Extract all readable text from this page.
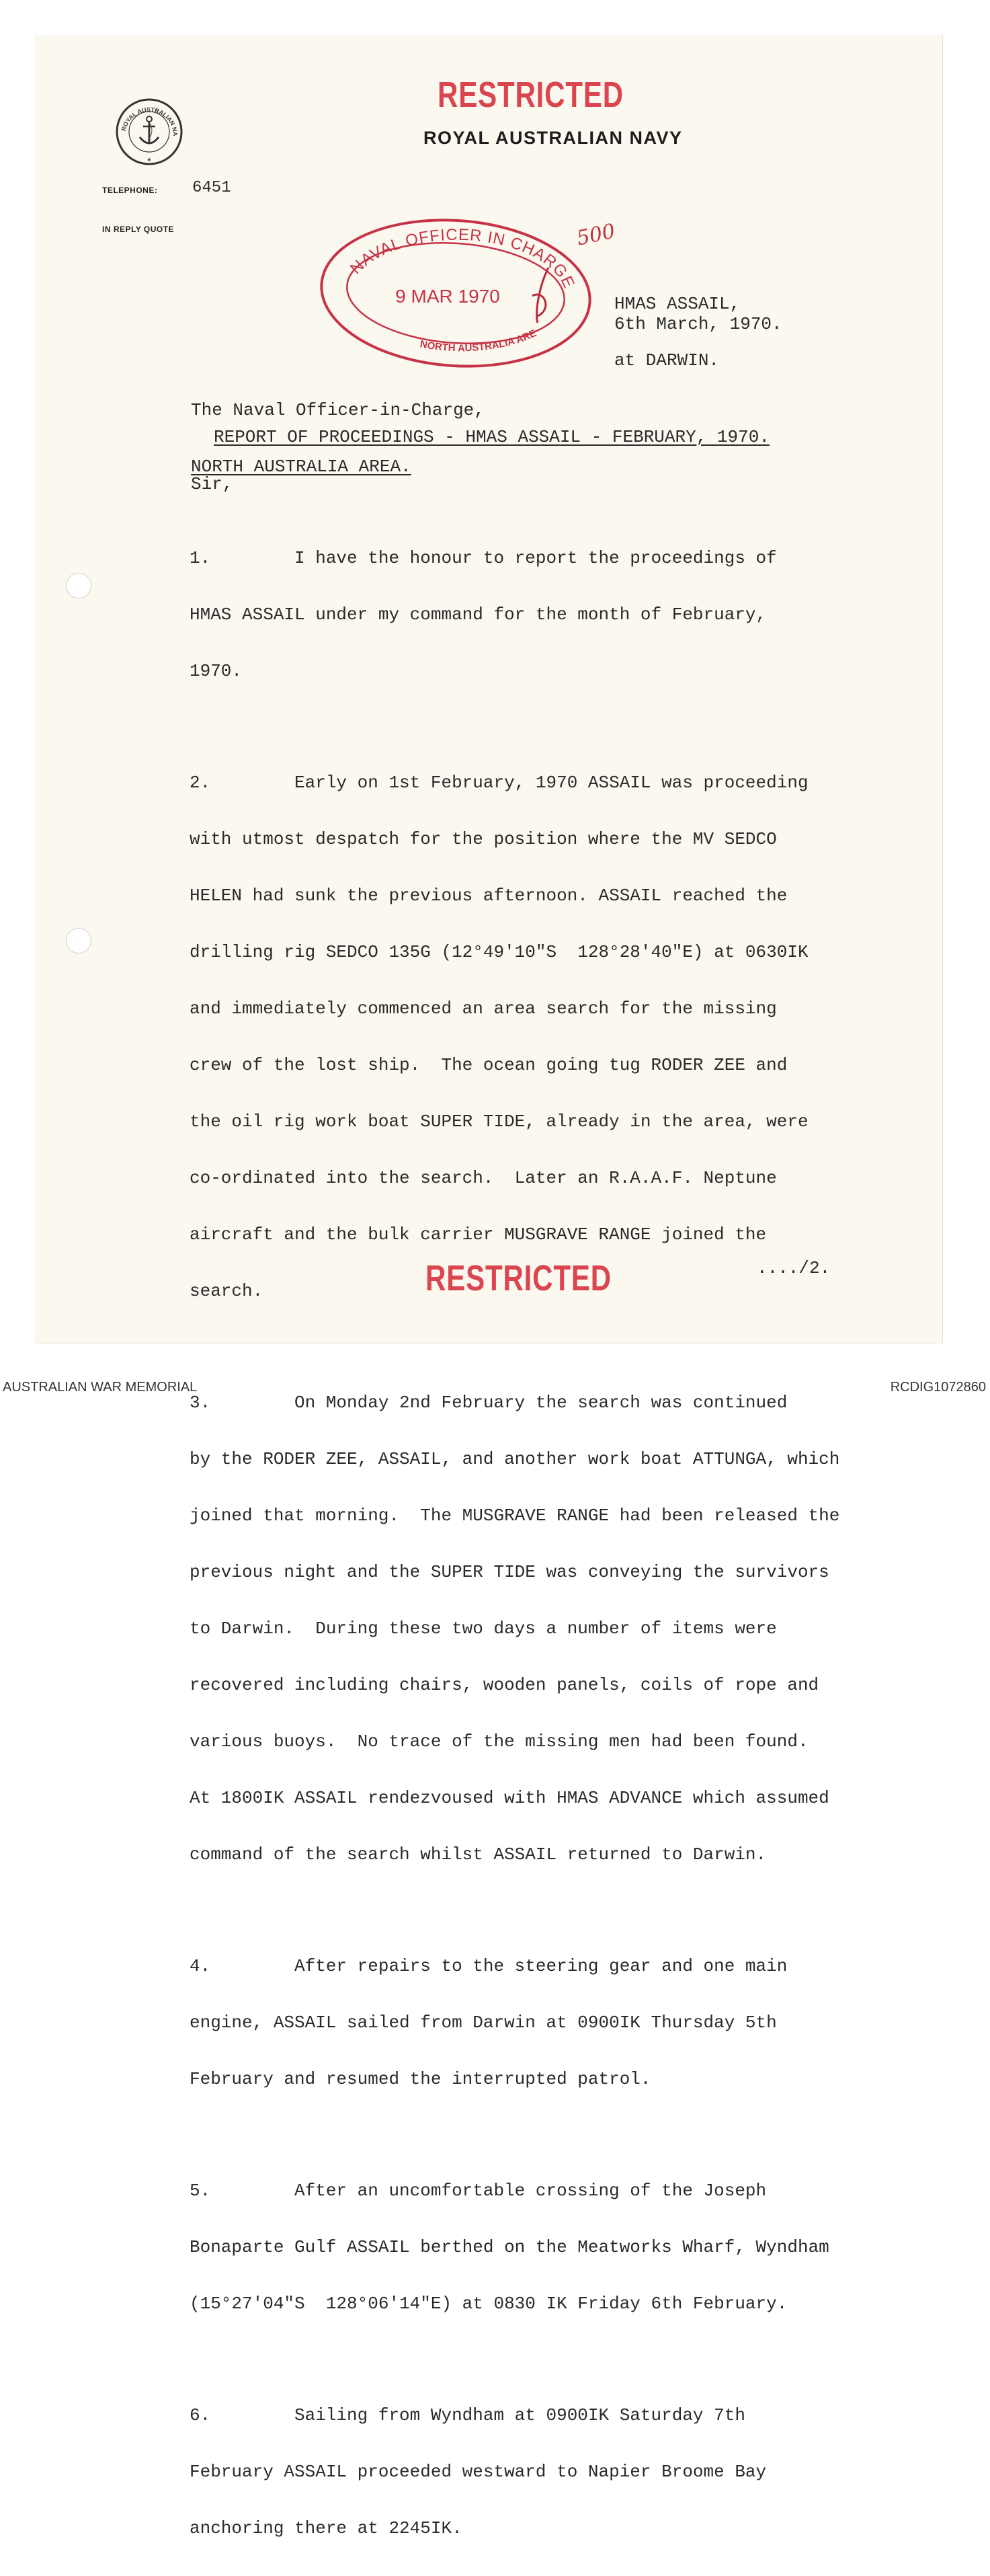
RESTRICTED
ROYAL AUSTRALIAN NA
★
ROYAL AUSTRALIAN NAVY
TELEPHONE: 6451
IN REPLY QUOTE	500
NAVAL OFFICER IN CHARGE
NORTH AUSTRALIA ARE
9 MAR 1970

	HMAS ASSAIL,

at DARWIN.

6th March, 1970.

The Naval Officer-in-Charge,

NORTH AUSTRALIA AREA.

REPORT OF PROCEEDINGS - HMAS ASSAIL - FEBRUARY, 1970.
Sir,

1.        I have the honour to report the proceedings of

HMAS ASSAIL under my command for the month of February,

1970.

2.        Early on 1st February, 1970 ASSAIL was proceeding

with utmost despatch for the position where the MV SEDCO

HELEN had sunk the previous afternoon. ASSAIL reached the

drilling rig SEDCO 135G (12°49'10"S  128°28'40"E) at 0630IK

and immediately commenced an area search for the missing

crew of the lost ship.  The ocean going tug RODER ZEE and

the oil rig work boat SUPER TIDE, already in the area, were

co-ordinated into the search.  Later an R.A.A.F. Neptune

aircraft and the bulk carrier MUSGRAVE RANGE joined the

search.

3.        On Monday 2nd February the search was continued

by the RODER ZEE, ASSAIL, and another work boat ATTUNGA, which

joined that morning.  The MUSGRAVE RANGE had been released the

previous night and the SUPER TIDE was conveying the survivors

to Darwin.  During these two days a number of items were

recovered including chairs, wooden panels, coils of rope and

various buoys.  No trace of the missing men had been found.

At 1800IK ASSAIL rendezvoused with HMAS ADVANCE which assumed

command of the search whilst ASSAIL returned to Darwin.

4.        After repairs to the steering gear and one main

engine, ASSAIL sailed from Darwin at 0900IK Thursday 5th

February and resumed the interrupted patrol.

5.        After an uncomfortable crossing of the Joseph

Bonaparte Gulf ASSAIL berthed on the Meatworks Wharf, Wyndham

(15°27'04"S  128°06'14"E) at 0830 IK Friday 6th February.

6.        Sailing from Wyndham at 0900IK Saturday 7th

February ASSAIL proceeded westward to Napier Broome Bay

anchoring there at 2245IK.

RESTRICTED	..../2.
AUSTRALIAN WAR MEMORIAL	RCDIG1072860
